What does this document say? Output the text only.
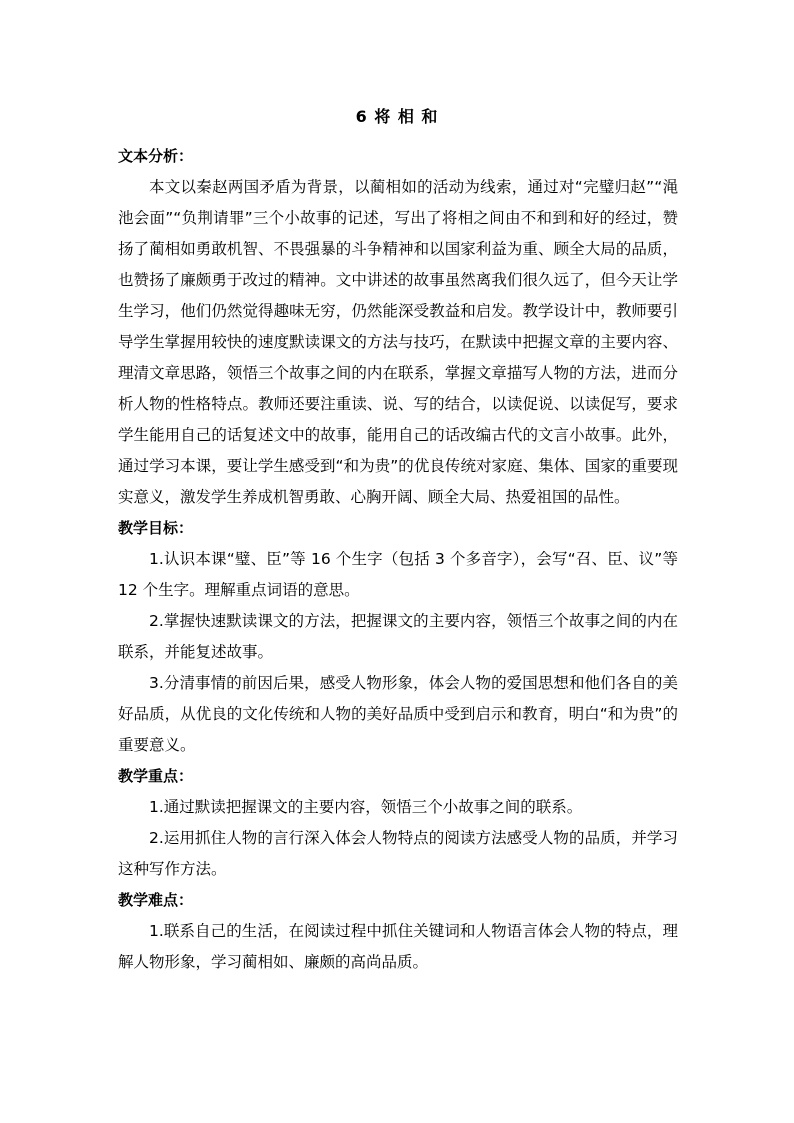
6 将 相 和

文本分析：

本文以秦赵两国矛盾为背景，以蔺相如的活动为线索，通过对“完璧归赵”“渑池会面”“负荆请罪”三个小故事的记述，写出了将相之间由不和到和好的经过，赞扬了蔺相如勇敢机智、不畏强暴的斗争精神和以国家利益为重、顾全大局的品质，也赞扬了廉颇勇于改过的精神。文中讲述的故事虽然离我们很久远了，但今天让学生学习，他们仍然觉得趣味无穷，仍然能深受教益和启发。教学设计中，教师要引导学生掌握用较快的速度默读课文的方法与技巧，在默读中把握文章的主要内容、理清文章思路，领悟三个故事之间的内在联系，掌握文章描写人物的方法，进而分析人物的性格特点。教师还要注重读、说、写的结合，以读促说、以读促写，要求学生能用自己的话复述文中的故事，能用自己的话改编古代的文言小故事。此外，通过学习本课，要让学生感受到“和为贵”的优良传统对家庭、集体、国家的重要现实意义，激发学生养成机智勇敢、心胸开阔、顾全大局、热爱祖国的品性。

教学目标：

1.认识本课“璧、臣”等 16 个生字（包括 3 个多音字），会写“召、臣、议”等 12 个生字。理解重点词语的意思。

2.掌握快速默读课文的方法，把握课文的主要内容，领悟三个故事之间的内在联系，并能复述故事。

3.分清事情的前因后果，感受人物形象，体会人物的爱国思想和他们各自的美好品质，从优良的文化传统和人物的美好品质中受到启示和教育，明白“和为贵”的重要意义。

教学重点：

1.通过默读把握课文的主要内容，领悟三个小故事之间的联系。

2.运用抓住人物的言行深入体会人物特点的阅读方法感受人物的品质，并学习这种写作方法。

教学难点：

1.联系自己的生活，在阅读过程中抓住关键词和人物语言体会人物的特点，理解人物形象，学习蔺相如、廉颇的高尚品质。
